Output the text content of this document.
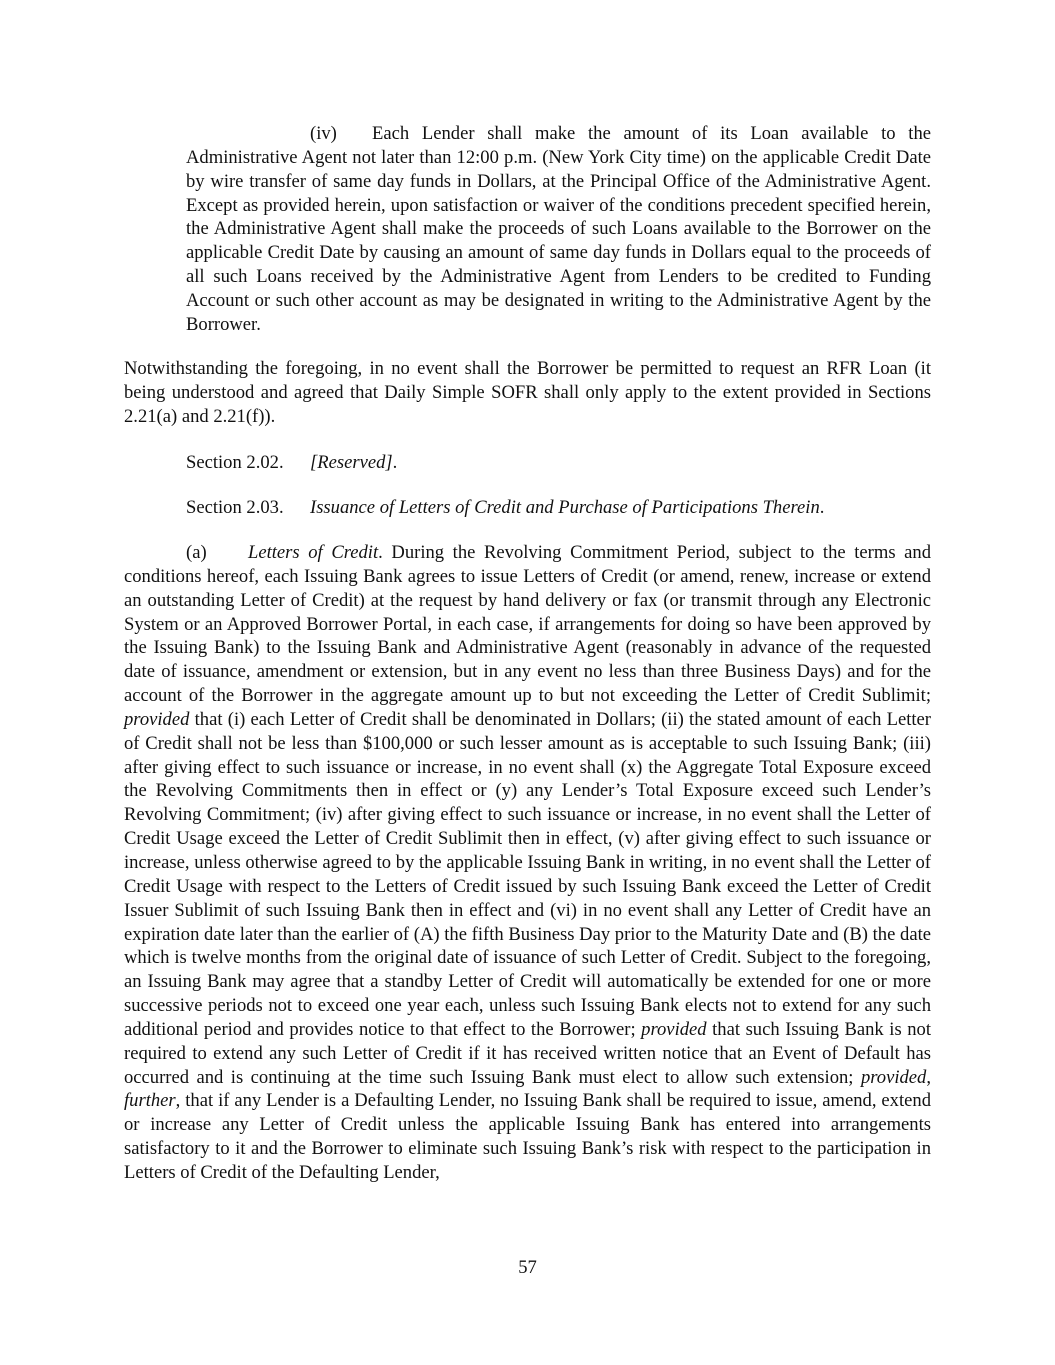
(iv) Each Lender shall make the amount of its Loan available to the Administrative Agent not later than 12:00 p.m. (New York City time) on the applicable Credit Date by wire transfer of same day funds in Dollars, at the Principal Office of the Administrative Agent. Except as provided herein, upon satisfaction or waiver of the conditions precedent specified herein, the Administrative Agent shall make the proceeds of such Loans available to the Borrower on the applicable Credit Date by causing an amount of same day funds in Dollars equal to the proceeds of all such Loans received by the Administrative Agent from Lenders to be credited to Funding Account or such other account as may be designated in writing to the Administrative Agent by the Borrower.

Notwithstanding the foregoing, in no event shall the Borrower be permitted to request an RFR Loan (it being understood and agreed that Daily Simple SOFR shall only apply to the extent provided in Sections 2.21(a) and 2.21(f)).

Section 2.02. [Reserved].

Section 2.03. Issuance of Letters of Credit and Purchase of Participations Therein.

(a) Letters of Credit. During the Revolving Commitment Period, subject to the terms and conditions hereof, each Issuing Bank agrees to issue Letters of Credit (or amend, renew, increase or extend an outstanding Letter of Credit) at the request by hand delivery or fax (or transmit through any Electronic System or an Approved Borrower Portal, in each case, if arrangements for doing so have been approved by the Issuing Bank) to the Issuing Bank and Administrative Agent (reasonably in advance of the requested date of issuance, amendment or extension, but in any event no less than three Business Days) and for the account of the Borrower in the aggregate amount up to but not exceeding the Letter of Credit Sublimit; provided that (i) each Letter of Credit shall be denominated in Dollars; (ii) the stated amount of each Letter of Credit shall not be less than $100,000 or such lesser amount as is acceptable to such Issuing Bank; (iii) after giving effect to such issuance or increase, in no event shall (x) the Aggregate Total Exposure exceed the Revolving Commitments then in effect or (y) any Lender’s Total Exposure exceed such Lender’s Revolving Commitment; (iv) after giving effect to such issuance or increase, in no event shall the Letter of Credit Usage exceed the Letter of Credit Sublimit then in effect, (v) after giving effect to such issuance or increase, unless otherwise agreed to by the applicable Issuing Bank in writing, in no event shall the Letter of Credit Usage with respect to the Letters of Credit issued by such Issuing Bank exceed the Letter of Credit Issuer Sublimit of such Issuing Bank then in effect and (vi) in no event shall any Letter of Credit have an expiration date later than the earlier of (A) the fifth Business Day prior to the Maturity Date and (B) the date which is twelve months from the original date of issuance of such Letter of Credit. Subject to the foregoing, an Issuing Bank may agree that a standby Letter of Credit will automatically be extended for one or more successive periods not to exceed one year each, unless such Issuing Bank elects not to extend for any such additional period and provides notice to that effect to the Borrower; provided that such Issuing Bank is not required to extend any such Letter of Credit if it has received written notice that an Event of Default has occurred and is continuing at the time such Issuing Bank must elect to allow such extension; provided, further, that if any Lender is a Defaulting Lender, no Issuing Bank shall be required to issue, amend, extend or increase any Letter of Credit unless the applicable Issuing Bank has entered into arrangements satisfactory to it and the Borrower to eliminate such Issuing Bank’s risk with respect to the participation in Letters of Credit of the Defaulting Lender,

57
